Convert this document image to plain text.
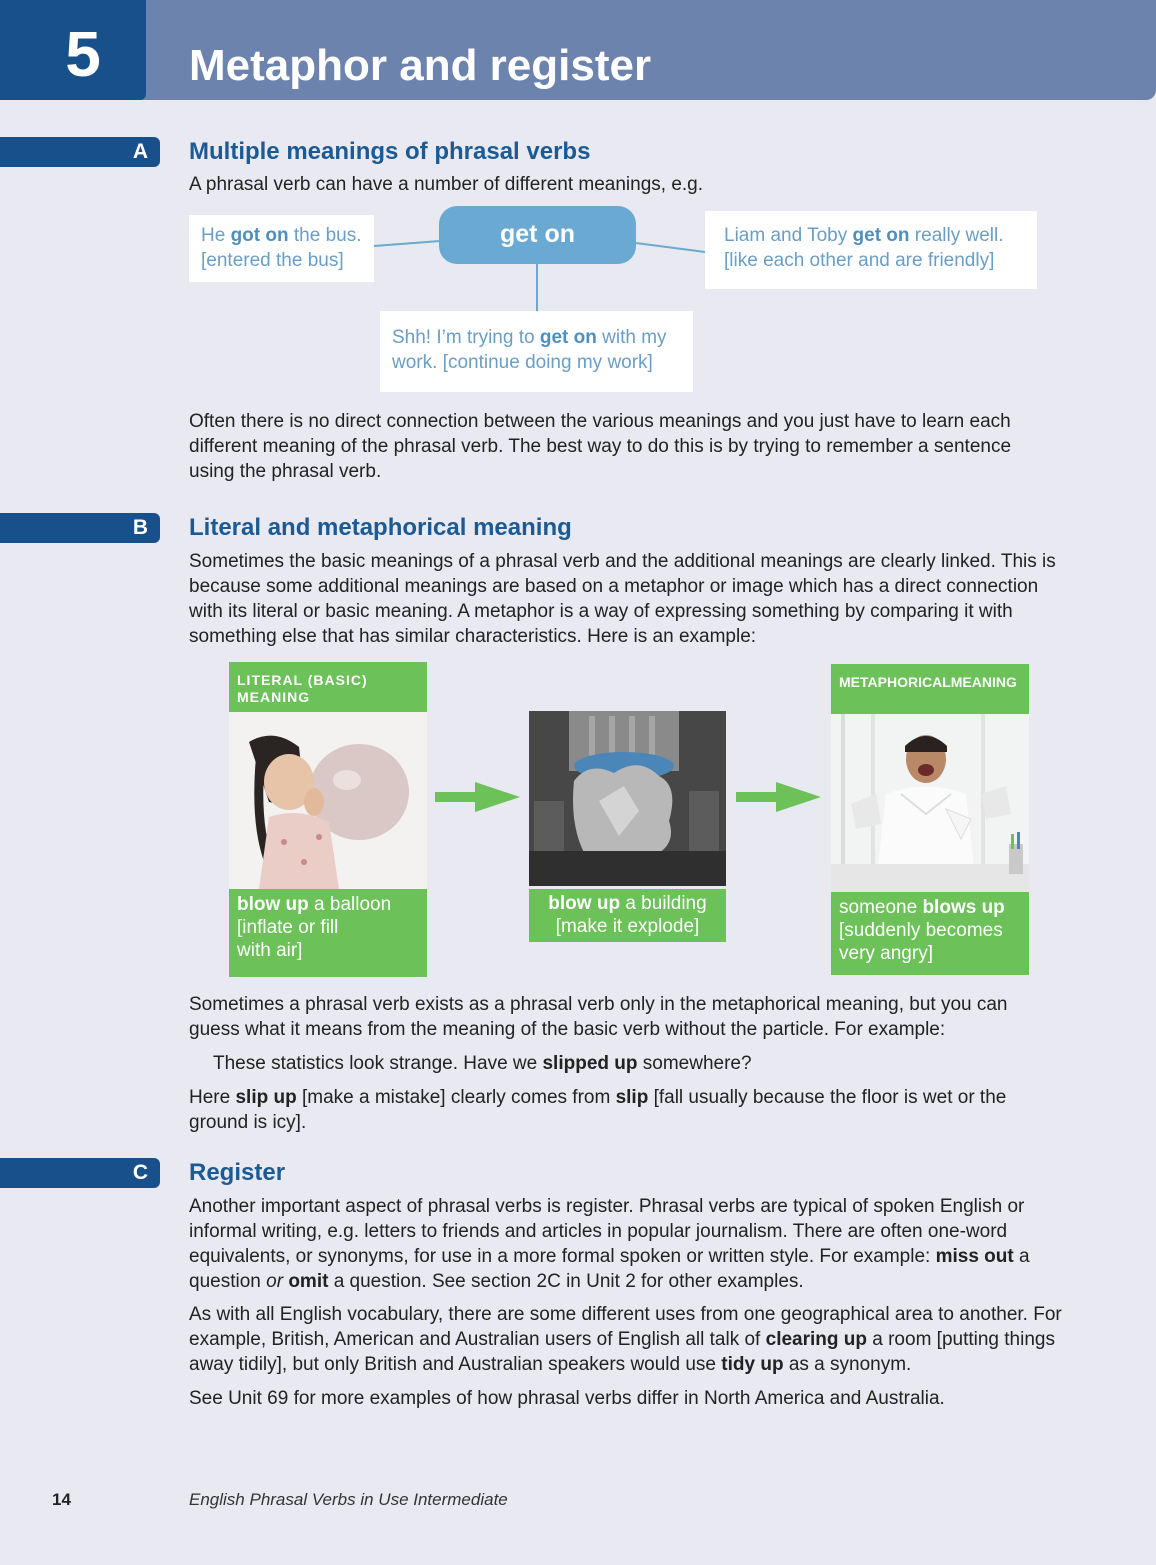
5	Metaphor and register
A	Multiple meanings of phrasal verbs
A phrasal verb can have a number of different meanings, e.g.
He got on the bus.
[entered the bus]
get on	Liam and Toby get on really well.
[like each other and are friendly]
Shh! I’m trying to get on with my
work. [continue doing my work]
Often there is no direct connection between the various meanings and you just have to learn each different meaning of the phrasal verb. The best way to do this is by trying to remember a sentence using the phrasal verb.
B	Literal and metaphorical meaning
Sometimes the basic meanings of a phrasal verb and the additional meanings are clearly linked. This is because some additional meanings are based on a metaphor or image which has a direct connection with its literal or basic meaning. A metaphor is a way of expressing something by comparing it with something else that has similar characteristics. Here is an example:
LITERAL (BASIC)
MEANING
blow up a balloon
[inflate or fill
with air]
blow up a building
[make it explode]
METAPHORICALMEANING
someone blows up
[suddenly becomes
very angry]
Sometimes a phrasal verb exists as a phrasal verb only in the metaphorical meaning, but you can guess what it means from the meaning of the basic verb without the particle. For example:
These statistics look strange. Have we slipped up somewhere?
Here slip up [make a mistake] clearly comes from slip [fall usually because the floor is wet or the ground is icy].
C	Register
Another important aspect of phrasal verbs is register. Phrasal verbs are typical of spoken English or informal writing, e.g. letters to friends and articles in popular journalism. There are often one-word equivalents, or synonyms, for use in a more formal spoken or written style. For example: miss out a question or omit a question. See section 2C in Unit 2 for other examples.
As with all English vocabulary, there are some different uses from one geographical area to another. For example, British, American and Australian users of English all talk of clearing up a room [putting things away tidily], but only British and Australian speakers would use tidy up as a synonym.
See Unit 69 for more examples of how phrasal verbs differ in North America and Australia.
14	English Phrasal Verbs in Use Intermediate
